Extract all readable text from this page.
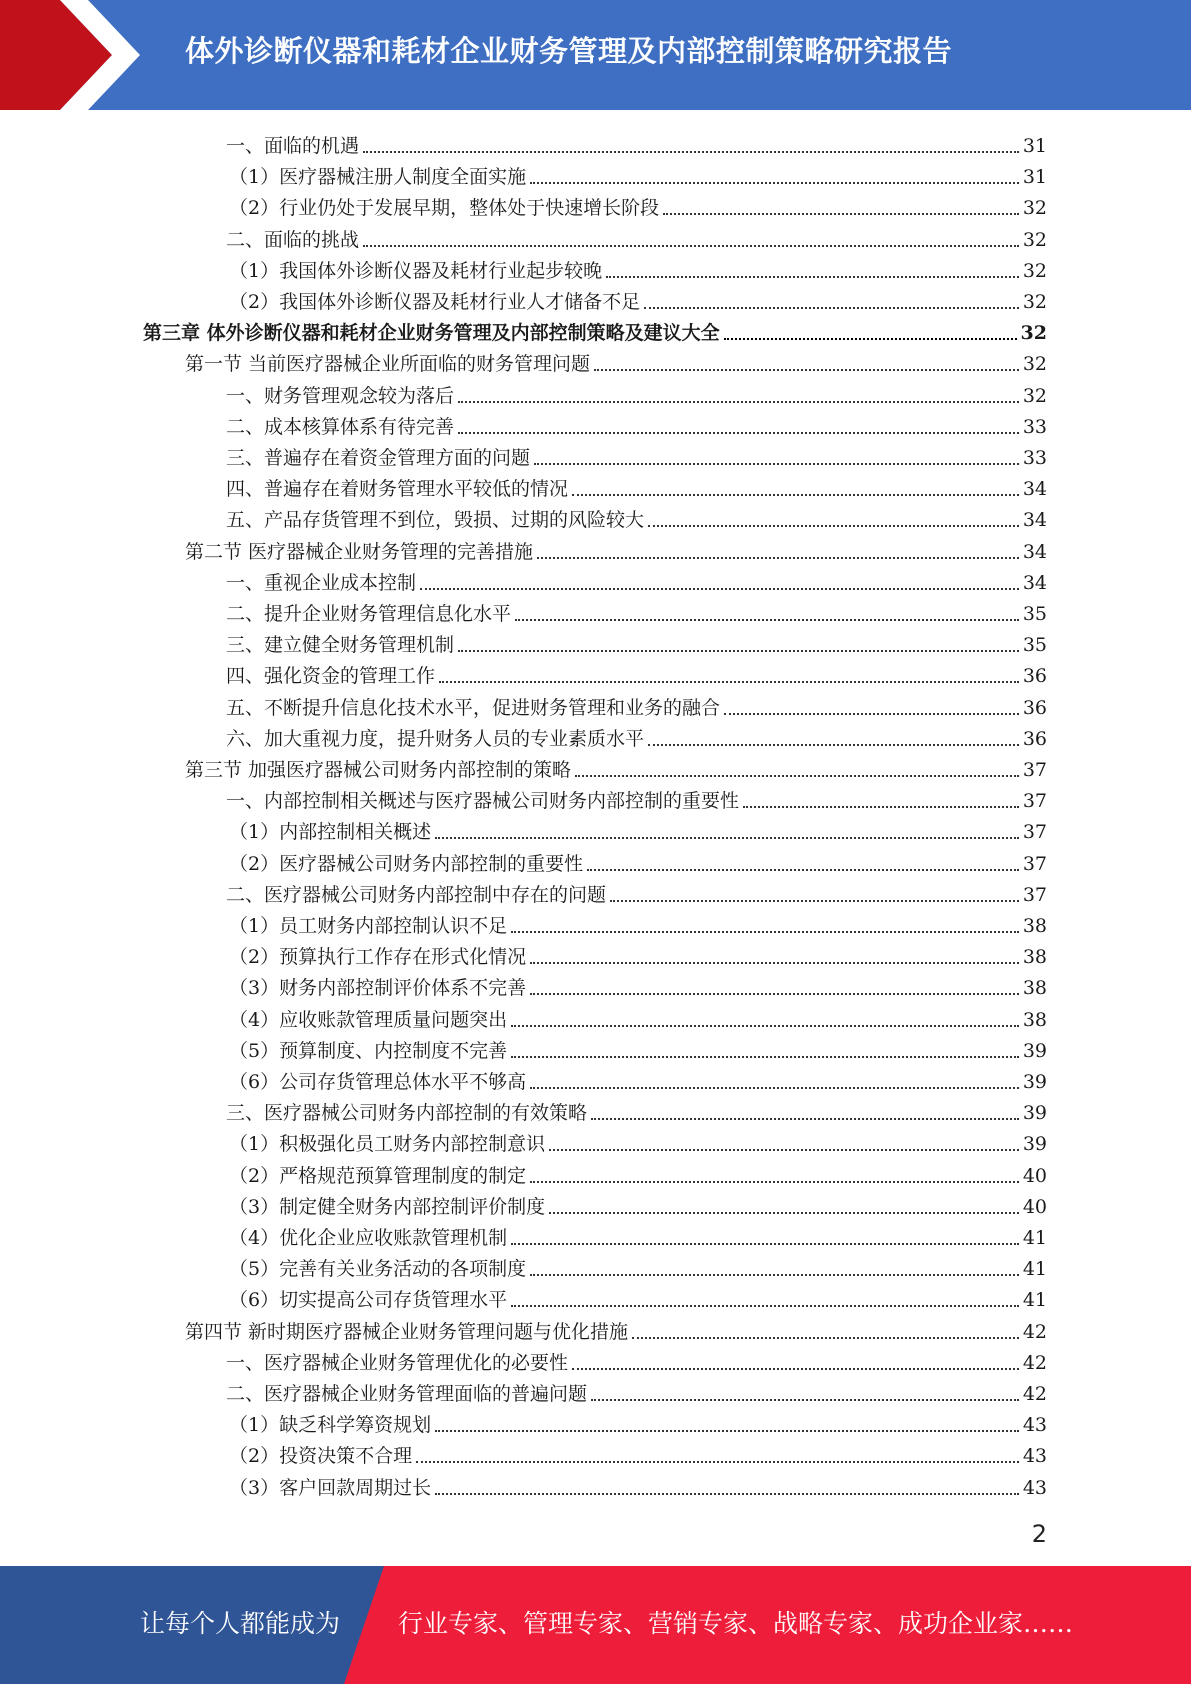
体外诊断仪器和耗材企业财务管理及内部控制策略研究报告
一、面临的机遇	31
（1）医疗器械注册人制度全面实施	31
（2）行业仍处于发展早期，整体处于快速增长阶段	32
二、面临的挑战	32
（1）我国体外诊断仪器及耗材行业起步较晚	32
（2）我国体外诊断仪器及耗材行业人才储备不足	32
第三章 体外诊断仪器和耗材企业财务管理及内部控制策略及建议大全	32
第一节 当前医疗器械企业所面临的财务管理问题	32
一、财务管理观念较为落后	32
二、成本核算体系有待完善	33
三、普遍存在着资金管理方面的问题	33
四、普遍存在着财务管理水平较低的情况	34
五、产品存货管理不到位，毁损、过期的风险较大	34
第二节 医疗器械企业财务管理的完善措施	34
一、重视企业成本控制	34
二、提升企业财务管理信息化水平	35
三、建立健全财务管理机制	35
四、强化资金的管理工作	36
五、不断提升信息化技术水平，促进财务管理和业务的融合	36
六、加大重视力度，提升财务人员的专业素质水平	36
第三节 加强医疗器械公司财务内部控制的策略	37
一、内部控制相关概述与医疗器械公司财务内部控制的重要性	37
（1）内部控制相关概述	37
（2）医疗器械公司财务内部控制的重要性	37
二、医疗器械公司财务内部控制中存在的问题	37
（1）员工财务内部控制认识不足	38
（2）预算执行工作存在形式化情况	38
（3）财务内部控制评价体系不完善	38
（4）应收账款管理质量问题突出	38
（5）预算制度、内控制度不完善	39
（6）公司存货管理总体水平不够高	39
三、医疗器械公司财务内部控制的有效策略	39
（1）积极强化员工财务内部控制意识	39
（2）严格规范预算管理制度的制定	40
（3）制定健全财务内部控制评价制度	40
（4）优化企业应收账款管理机制	41
（5）完善有关业务活动的各项制度	41
（6）切实提高公司存货管理水平	41
第四节 新时期医疗器械企业财务管理问题与优化措施	42
一、医疗器械企业财务管理优化的必要性	42
二、医疗器械企业财务管理面临的普遍问题	42
（1）缺乏科学筹资规划	43
（2）投资决策不合理	43
（3）客户回款周期过长	43
2
让每个人都能成为 行业专家、管理专家、营销专家、战略专家、成功企业家……
